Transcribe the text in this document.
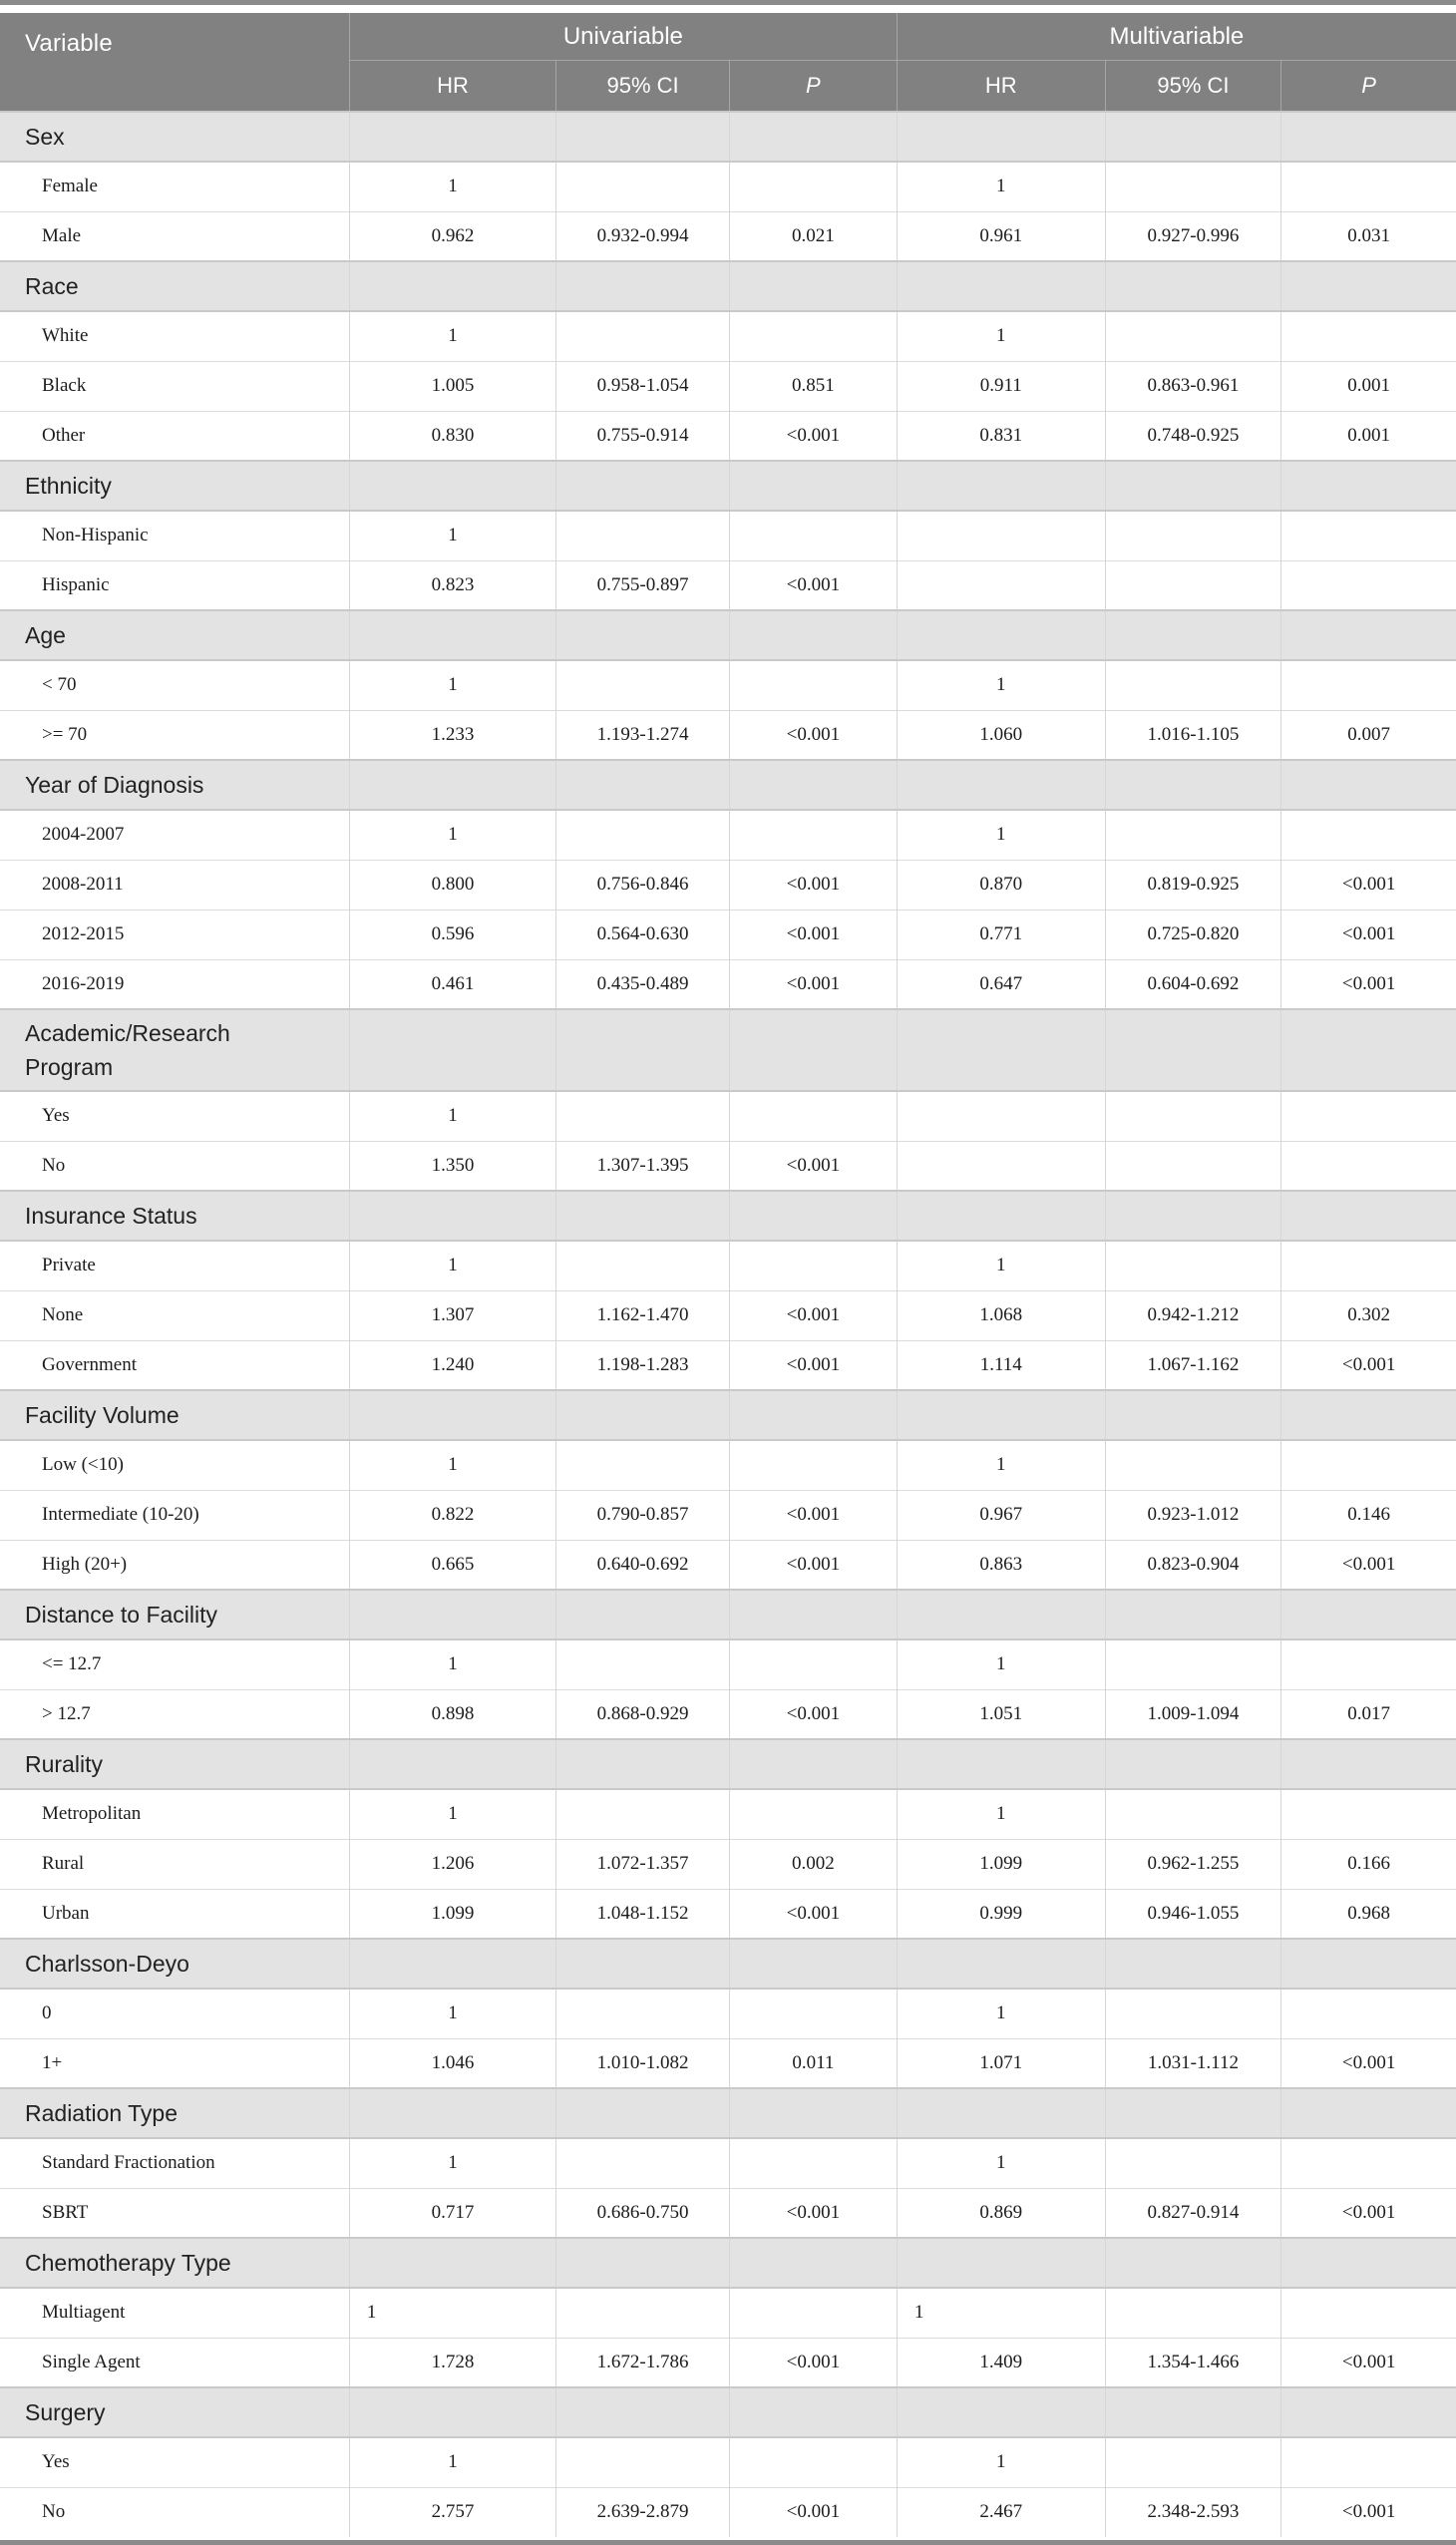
Variable	Univariable			Multivariable		
	HR	95% CI	P	HR	95% CI	P
Sex						
Female	1			1		
Male	0.962	0.932-0.994	0.021	0.961	0.927-0.996	0.031
Race						
White	1			1		
Black	1.005	0.958-1.054	0.851	0.911	0.863-0.961	0.001
Other	0.830	0.755-0.914	<0.001	0.831	0.748-0.925	0.001
Ethnicity						
Non-Hispanic	1					
Hispanic	0.823	0.755-0.897	<0.001			
Age						
< 70	1			1		
>= 70	1.233	1.193-1.274	<0.001	1.060	1.016-1.105	0.007
Year of Diagnosis						
2004-2007	1			1		
2008-2011	0.800	0.756-0.846	<0.001	0.870	0.819-0.925	<0.001
2012-2015	0.596	0.564-0.630	<0.001	0.771	0.725-0.820	<0.001
2016-2019	0.461	0.435-0.489	<0.001	0.647	0.604-0.692	<0.001
Academic/Research Program						
Yes	1					
No	1.350	1.307-1.395	<0.001			
Insurance Status						
Private	1			1		
None	1.307	1.162-1.470	<0.001	1.068	0.942-1.212	0.302
Government	1.240	1.198-1.283	<0.001	1.114	1.067-1.162	<0.001
Facility Volume						
Low (<10)	1			1		
Intermediate (10-20)	0.822	0.790-0.857	<0.001	0.967	0.923-1.012	0.146
High (20+)	0.665	0.640-0.692	<0.001	0.863	0.823-0.904	<0.001
Distance to Facility						
<= 12.7	1			1		
> 12.7	0.898	0.868-0.929	<0.001	1.051	1.009-1.094	0.017
Rurality						
Metropolitan	1			1		
Rural	1.206	1.072-1.357	0.002	1.099	0.962-1.255	0.166
Urban	1.099	1.048-1.152	<0.001	0.999	0.946-1.055	0.968
Charlsson-Deyo						
0	1			1		
1+	1.046	1.010-1.082	0.011	1.071	1.031-1.112	<0.001
Radiation Type						
Standard Fractionation	1			1		
SBRT	0.717	0.686-0.750	<0.001	0.869	0.827-0.914	<0.001
Chemotherapy Type						
Multiagent	1			1		
Single Agent	1.728	1.672-1.786	<0.001	1.409	1.354-1.466	<0.001
Surgery						
Yes	1			1		
No	2.757	2.639-2.879	<0.001	2.467	2.348-2.593	<0.001
